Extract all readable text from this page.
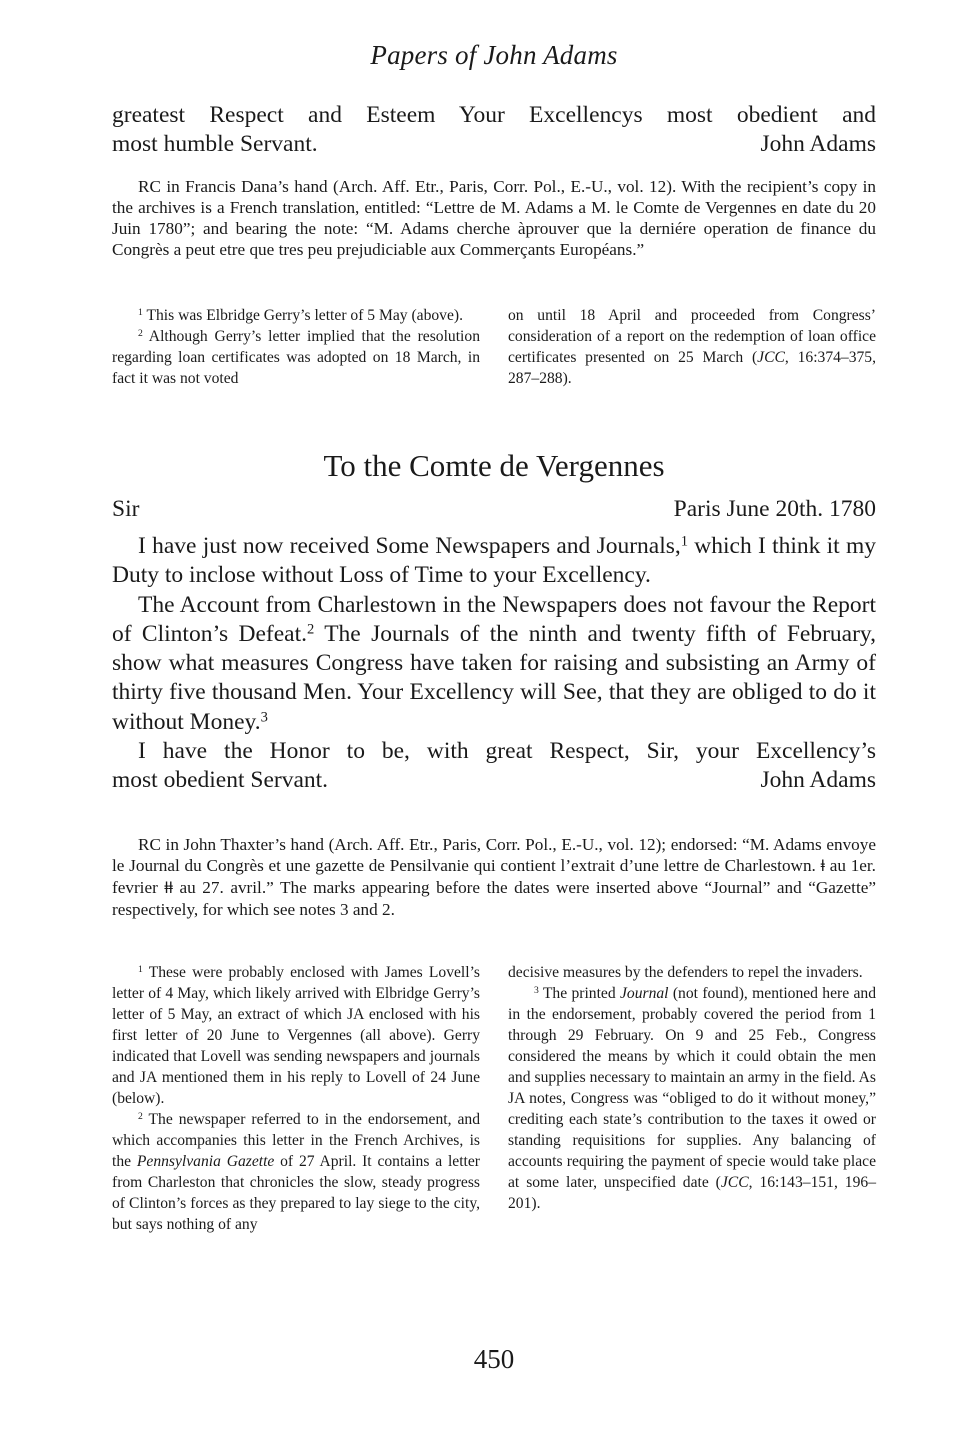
Papers of John Adams
greatest Respect and Esteem Your Excellencys most obedient and
most humble Servant.	John Adams

RC in Francis Dana’s hand (Arch. Aff. Etr., Paris, Corr. Pol., E.-U., vol. 12). With the recipient’s copy in the archives is a French translation, entitled: “Lettre de M. Adams a M. le Comte de Vergennes en date du 20 Juin 1780”; and bearing the note: “M. Adams cherche àprouver que la derniére operation de finance du Congrès a peut etre que tres peu prejudiciable aux Commerçants Européans.”

$^1$ This was Elbridge Gerry’s letter of 5 May (above).

$^2$ Although Gerry’s letter implied that the resolution regarding loan certificates was adopted on 18 March, in fact it was not voted

on until 18 April and proceeded from Congress’ consideration of a report on the redemption of loan office certificates presented on 25 March (JCC, 16:374–375, 287–288).

To the Comte de Vergennes
Sir	Paris June 20th. 1780

I have just now received Some Newspapers and Journals,$^1$ which I think it my Duty to inclose without Loss of Time to your Excellency.

The Account from Charlestown in the Newspapers does not favour the Report of Clinton’s Defeat.$^2$ The Journals of the ninth and twenty fifth of February, show what measures Congress have taken for raising and subsisting an Army of thirty five thousand Men. Your Excellency will See, that they are obliged to do it without Money.$^3$

I have the Honor to be, with great Respect, Sir, your Excellency’s

most obedient Servant.	John Adams

RC in John Thaxter’s hand (Arch. Aff. Etr., Paris, Corr. Pol., E.-U., vol. 12); endorsed: “M. Adams envoye le Journal du Congrès et une gazette de Pensilvanie qui contient l’extrait d’une lettre de Charlestown. ⱡ au 1er. fevrier ⱡⱡ au 27. avril.” The marks appearing before the dates were inserted above “Journal” and “Gazette” respectively, for which see notes 3 and 2.

$^1$ These were probably enclosed with James Lovell’s letter of 4 May, which likely arrived with Elbridge Gerry’s letter of 5 May, an extract of which JA enclosed with his first letter of 20 June to Vergennes (all above). Gerry indicated that Lovell was sending newspapers and journals and JA mentioned them in his reply to Lovell of 24 June (below).

$^2$ The newspaper referred to in the endorsement, and which accompanies this letter in the French Archives, is the Pennsylvania Gazette of 27 April. It contains a letter from Charleston that chronicles the slow, steady progress of Clinton’s forces as they prepared to lay siege to the city, but says nothing of any

decisive measures by the defenders to repel the invaders.

$^3$ The printed Journal (not found), mentioned here and in the endorsement, probably covered the period from 1 through 29 February. On 9 and 25 Feb., Congress considered the means by which it could obtain the men and supplies necessary to maintain an army in the field. As JA notes, Congress was “obliged to do it without money,” crediting each state’s contribution to the taxes it owed or standing requisitions for supplies. Any balancing of accounts requiring the payment of specie would take place at some later, unspecified date (JCC, 16:143–151, 196–201).

450
